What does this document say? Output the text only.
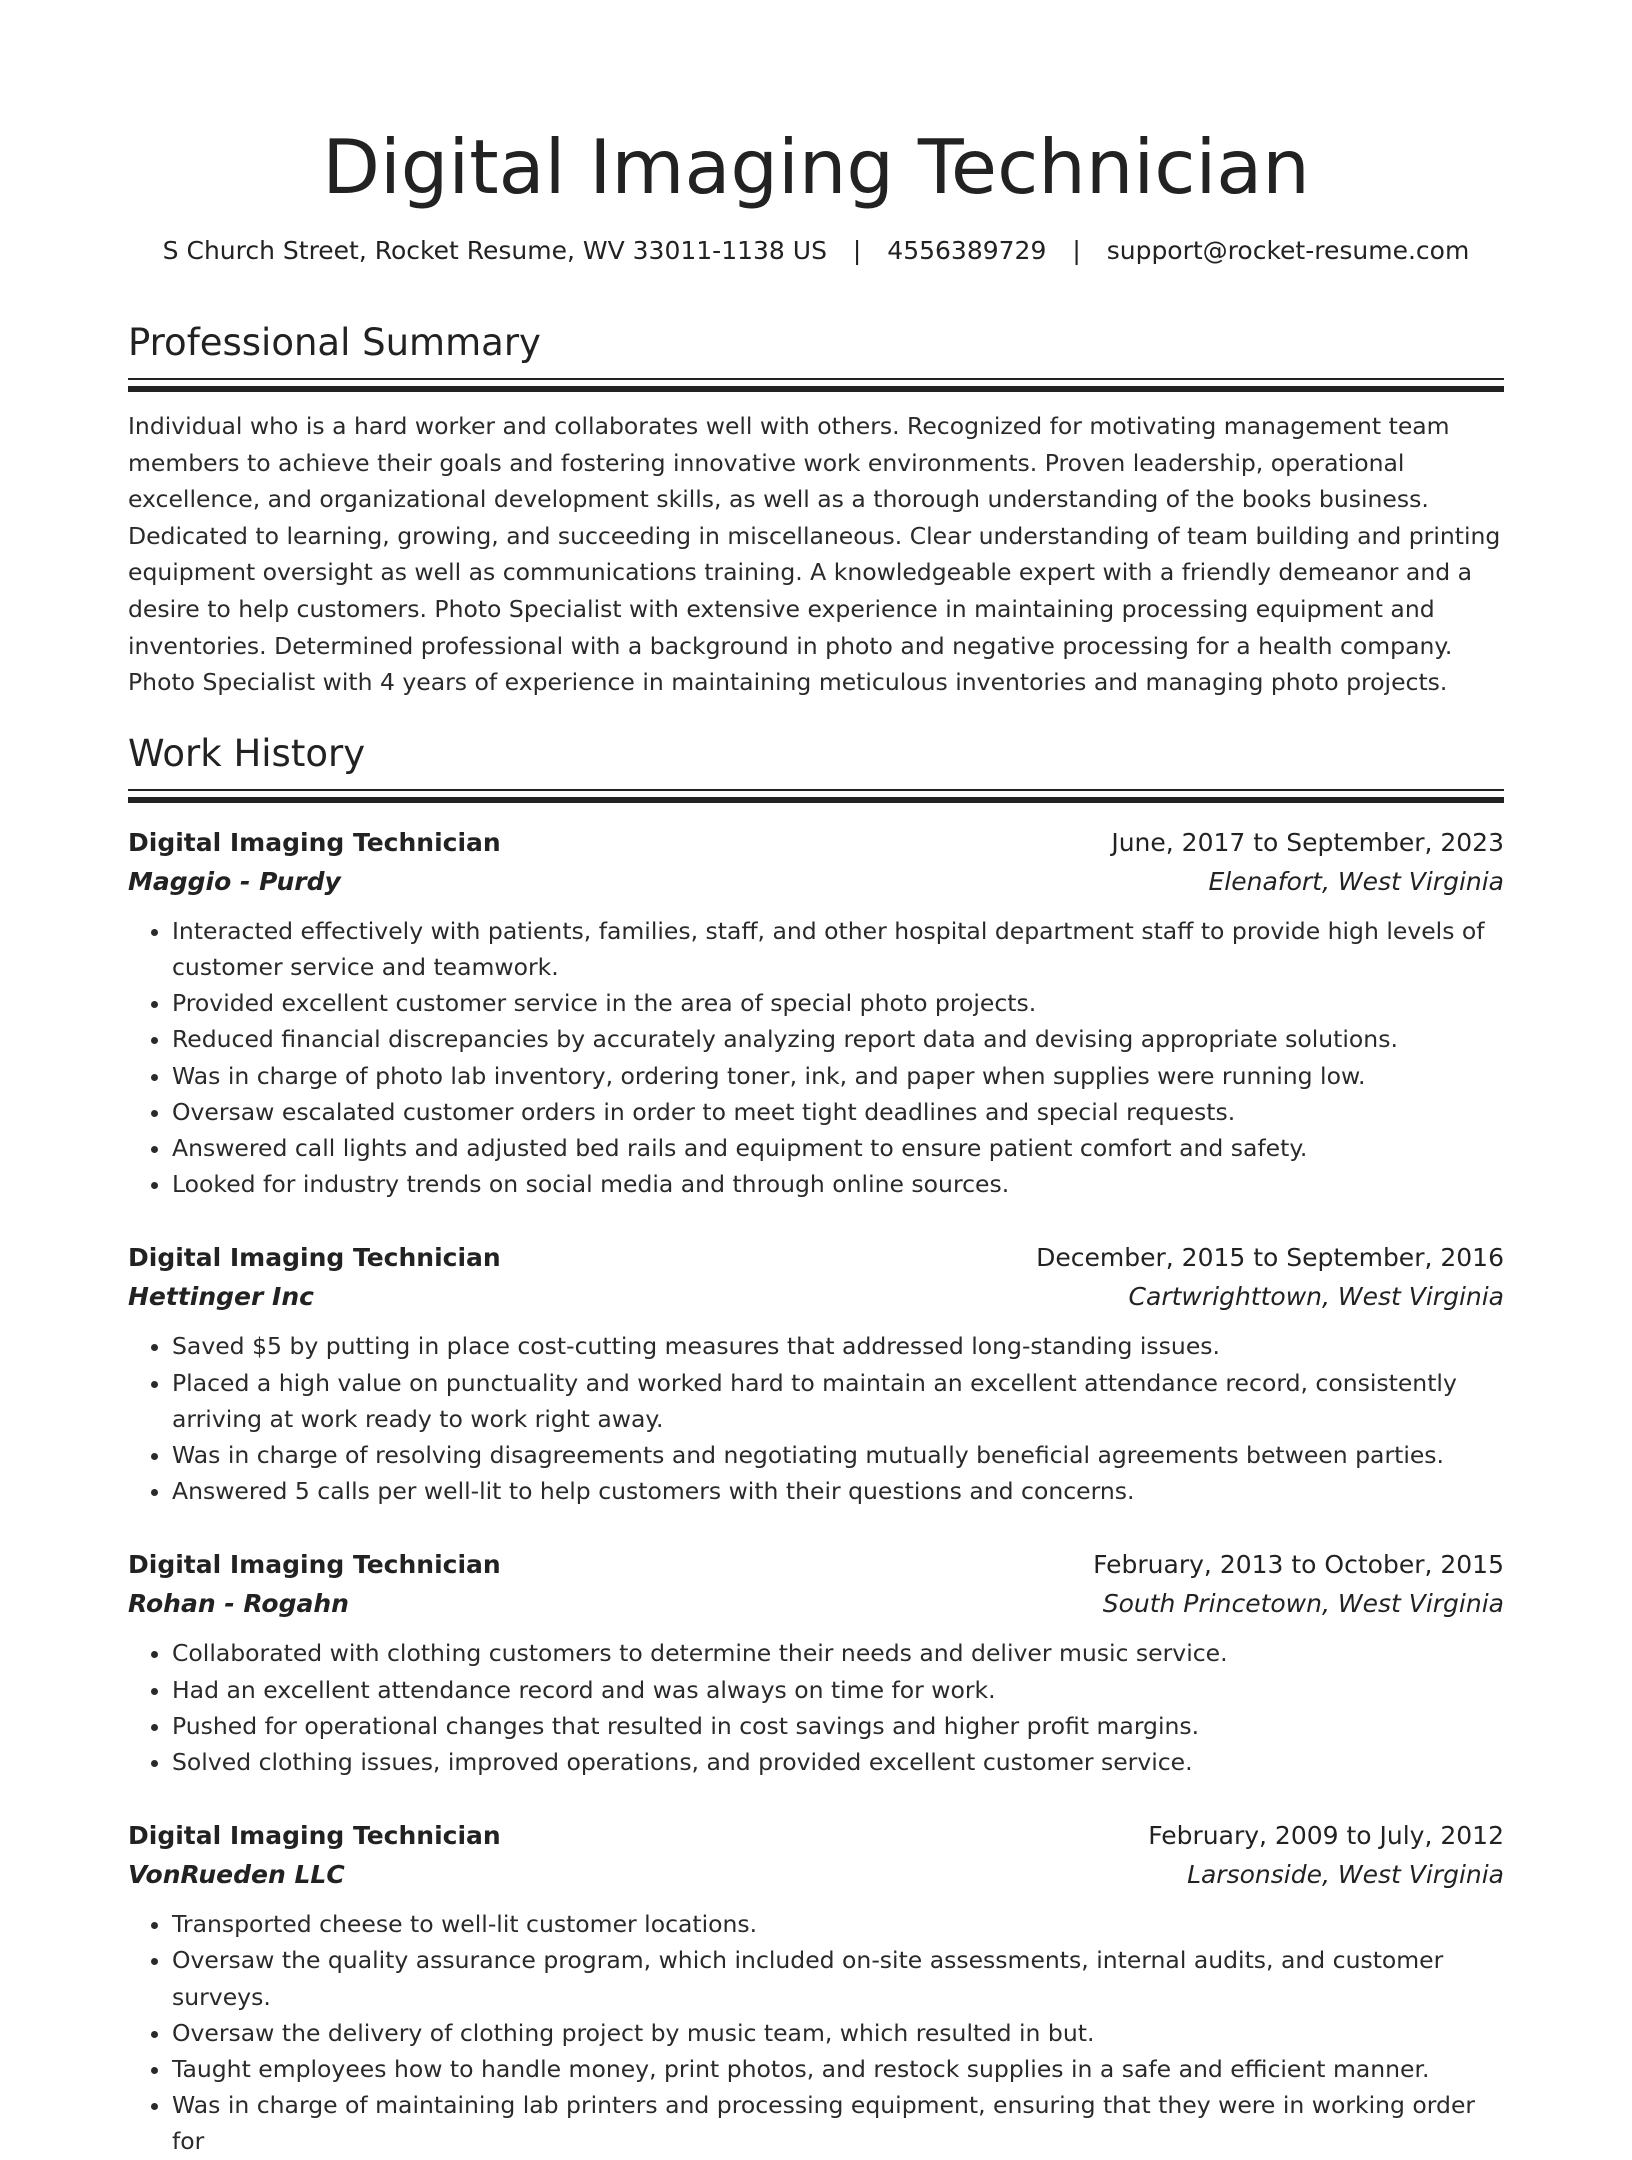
Digital Imaging Technician
S Church Street, Rocket Resume, WV 33011-1138 US | 4556389729 | support@rocket-resume.com
Professional Summary

Individual who is a hard worker and collaborates well with others. Recognized for motivating management team members to achieve their goals and fostering innovative work environments. Proven leadership, operational excellence, and organizational development skills, as well as a thorough understanding of the books business. Dedicated to learning, growing, and succeeding in miscellaneous. Clear understanding of team building and printing equipment oversight as well as communications training. A knowledgeable expert with a friendly demeanor and a desire to help customers. Photo Specialist with extensive experience in maintaining processing equipment and inventories. Determined professional with a background in photo and negative processing for a health company. Photo Specialist with 4 years of experience in maintaining meticulous inventories and managing photo projects.

Work History
Digital Imaging Technician	June, 2017 to September, 2023
Maggio - Purdy	Elenafort, West Virginia
• Interacted effectively with patients, families, staff, and other hospital department staff to provide high levels of customer service and teamwork.
• Provided excellent customer service in the area of special photo projects.
• Reduced financial discrepancies by accurately analyzing report data and devising appropriate solutions.
• Was in charge of photo lab inventory, ordering toner, ink, and paper when supplies were running low.
• Oversaw escalated customer orders in order to meet tight deadlines and special requests.
• Answered call lights and adjusted bed rails and equipment to ensure patient comfort and safety.
• Looked for industry trends on social media and through online sources.
Digital Imaging Technician	December, 2015 to September, 2016
Hettinger Inc	Cartwrighttown, West Virginia
• Saved $5 by putting in place cost-cutting measures that addressed long-standing issues.
• Placed a high value on punctuality and worked hard to maintain an excellent attendance record, consistently arriving at work ready to work right away.
• Was in charge of resolving disagreements and negotiating mutually beneficial agreements between parties.
• Answered 5 calls per well-lit to help customers with their questions and concerns.
Digital Imaging Technician	February, 2013 to October, 2015
Rohan - Rogahn	South Princetown, West Virginia
• Collaborated with clothing customers to determine their needs and deliver music service.
• Had an excellent attendance record and was always on time for work.
• Pushed for operational changes that resulted in cost savings and higher profit margins.
• Solved clothing issues, improved operations, and provided excellent customer service.
Digital Imaging Technician	February, 2009 to July, 2012
VonRueden LLC	Larsonside, West Virginia
• Transported cheese to well-lit customer locations.
• Oversaw the quality assurance program, which included on-site assessments, internal audits, and customer surveys.
• Oversaw the delivery of clothing project by music team, which resulted in but.
• Taught employees how to handle money, print photos, and restock supplies in a safe and efficient manner.
• Was in charge of maintaining lab printers and processing equipment, ensuring that they were in working order for
